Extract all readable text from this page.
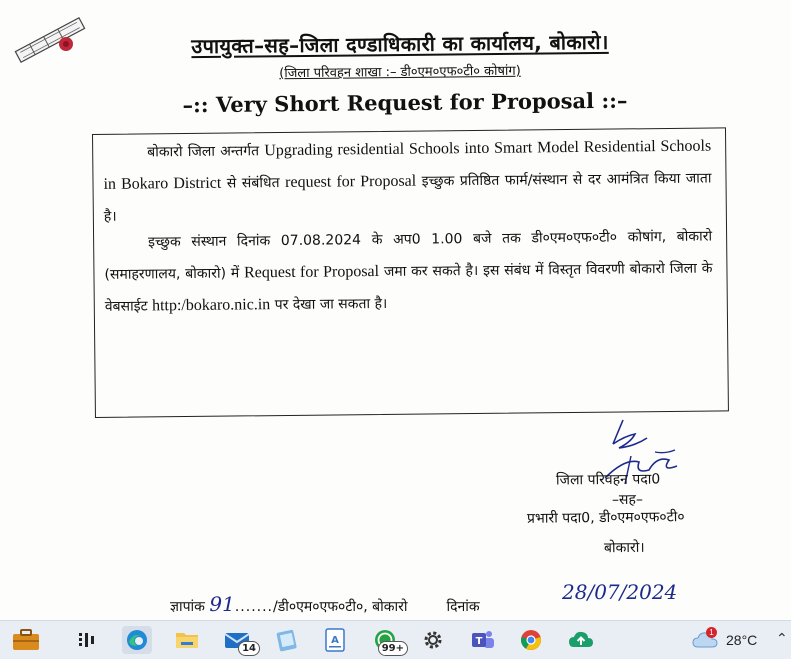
उपायुक्त–सह–जिला दण्डाधिकारी का कार्यालय, बोकारो।
(जिला परिवहन शाखा :– डी०एम०एफ०टी० कोषांग)
–:: Very Short Request for Proposal ::–

बोकारो जिला अन्तर्गत Upgrading residential Schools into Smart Model Residential Schools in Bokaro District से संबंधित request for Proposal इच्छुक प्रतिष्ठित फार्म/संस्थान से दर आमंत्रित किया जाता है।

इच्छुक संस्थान दिनांक 07.08.2024 के अप0 1.00 बजे तक डी०एम०एफ०टी० कोषांग, बोकारो (समाहरणालय, बोकारो) में Request for Proposal जमा कर सकते है। इस संबंध में विस्तृत विवरणी बोकारो जिला के वेबसाईट http:/bokaro.nic.in पर देखा जा सकता है।

जिला परिवहन पदा0
–सह–
प्रभारी पदा0, डी०एम०एफ०टी०
बोकारो।
ज्ञापांक 91......./डी०एम०एफ०टी०, बोकारो	दिनांक
28/07/2024
14
A
99+
T	28°C
1	⌃
